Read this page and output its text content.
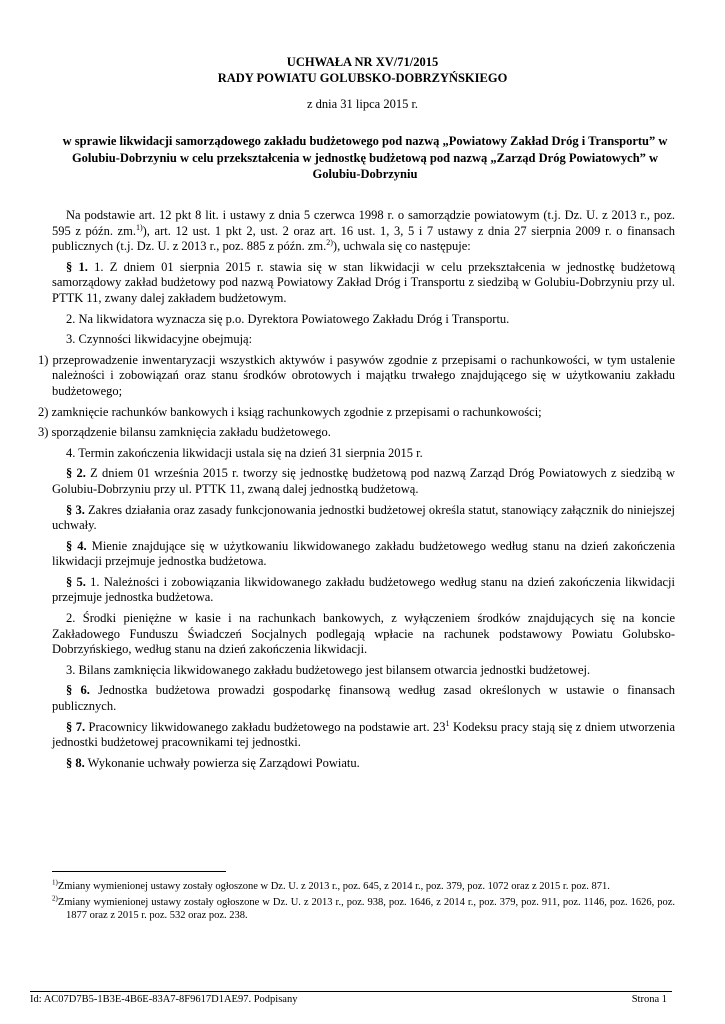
UCHWAŁA NR XV/71/2015
RADY POWIATU GOLUBSKO-DOBRZYŃSKIEGO
z dnia 31 lipca 2015 r.
w sprawie likwidacji samorządowego zakładu budżetowego pod nazwą „Powiatowy Zakład Dróg i Transportu” w Golubiu-Dobrzyniu w celu przekształcenia w jednostkę budżetową pod nazwą „Zarząd Dróg Powiatowych” w Golubiu-Dobrzyniu

Na podstawie art. 12 pkt 8 lit. i ustawy z dnia 5 czerwca 1998 r. o samorządzie powiatowym (t.j. Dz. U. z 2013 r., poz. 595 z późn. zm.$^{1)}$), art. 12 ust. 1 pkt 2, ust. 2 oraz art. 16 ust. 1, 3, 5 i 7 ustawy z dnia 27 sierpnia 2009 r. o finansach publicznych (t.j. Dz. U. z 2013 r., poz. 885 z późn. zm.$^{2)}$), uchwala się co następuje:

§ 1. 1. Z dniem 01 sierpnia 2015 r. stawia się w stan likwidacji w celu przekształcenia w jednostkę budżetową samorządowy zakład budżetowy pod nazwą Powiatowy Zakład Dróg i Transportu z siedzibą w Golubiu-Dobrzyniu przy ul. PTTK 11, zwany dalej zakładem budżetowym.

2. Na likwidatora wyznacza się p.o. Dyrektora Powiatowego Zakładu Dróg i Transportu.

3. Czynności likwidacyjne obejmują:

1) przeprowadzenie inwentaryzacji wszystkich aktywów i pasywów zgodnie z przepisami o rachunkowości, w tym ustalenie należności i zobowiązań oraz stanu środków obrotowych i majątku trwałego znajdującego się w użytkowaniu zakładu budżetowego;

2) zamknięcie rachunków bankowych i ksiąg rachunkowych zgodnie z przepisami o rachunkowości;

3) sporządzenie bilansu zamknięcia zakładu budżetowego.

4. Termin zakończenia likwidacji ustala się na dzień 31 sierpnia 2015 r.

§ 2. Z dniem 01 września 2015 r. tworzy się jednostkę budżetową pod nazwą Zarząd Dróg Powiatowych z siedzibą w Golubiu-Dobrzyniu przy ul. PTTK 11, zwaną dalej jednostką budżetową.

§ 3. Zakres działania oraz zasady funkcjonowania jednostki budżetowej określa statut, stanowiący załącznik do niniejszej uchwały.

§ 4. Mienie znajdujące się w użytkowaniu likwidowanego zakładu budżetowego według stanu na dzień zakończenia likwidacji przejmuje jednostka budżetowa.

§ 5. 1. Należności i zobowiązania likwidowanego zakładu budżetowego według stanu na dzień zakończenia likwidacji przejmuje jednostka budżetowa.

2. Środki pieniężne w kasie i na rachunkach bankowych, z wyłączeniem środków znajdujących się na koncie Zakładowego Funduszu Świadczeń Socjalnych podlegają wpłacie na rachunek podstawowy Powiatu Golubsko-Dobrzyńskiego, według stanu na dzień zakończenia likwidacji.

3. Bilans zamknięcia likwidowanego zakładu budżetowego jest bilansem otwarcia jednostki budżetowej.

§ 6. Jednostka budżetowa prowadzi gospodarkę finansową według zasad określonych w ustawie o finansach publicznych.

§ 7. Pracownicy likwidowanego zakładu budżetowego na podstawie art. $23^1$ Kodeksu pracy stają się z dniem utworzenia jednostki budżetowej pracownikami tej jednostki.

§ 8. Wykonanie uchwały powierza się Zarządowi Powiatu.

$^{1)}$Zmiany wymienionej ustawy zostały ogłoszone w Dz. U. z 2013 r., poz. 645, z 2014 r., poz. 379, poz. 1072 oraz z 2015 r. poz. 871.
$^{2)}$Zmiany wymienionej ustawy zostały ogłoszone w Dz. U. z 2013 r., poz. 938, poz. 1646, z 2014 r., poz. 379, poz. 911, poz. 1146, poz. 1626, poz. 1877 oraz z 2015 r. poz. 532 oraz poz. 238.
Id: AC07D7B5-1B3E-4B6E-83A7-8F9617D1AE97. Podpisany	Strona 1
